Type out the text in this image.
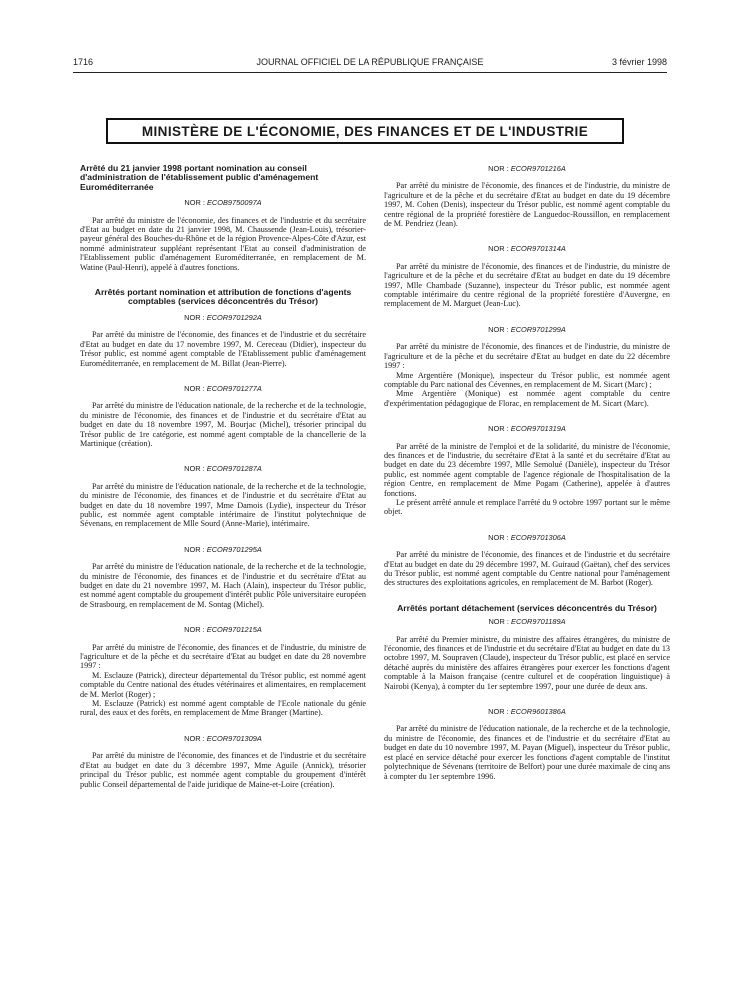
1716	JOURNAL OFFICIEL DE LA RÉPUBLIQUE FRANÇAISE	3 février 1998
MINISTÈRE DE L'ÉCONOMIE, DES FINANCES ET DE L'INDUSTRIE
Arrêté du 21 janvier 1998 portant nomination au conseil d'administration de l'établissement public d'aménagement Euroméditerranée
NOR : ECOB9750097A

Par arrêté du ministre de l'économie, des finances et de l'industrie et du secrétaire d'Etat au budget en date du 21 janvier 1998, M. Chaussende (Jean-Louis), trésorier-payeur général des Bouches-du-Rhône et de la région Provence-Alpes-Côte d'Azur, est nommé administrateur suppléant représentant l'Etat au conseil d'administration de l'Etablissement public d'aménagement Euroméditerranée, en remplacement de M. Watine (Paul-Henri), appelé à d'autres fonctions.

Arrêtés portant nomination et attribution de fonctions d'agents comptables (services déconcentrés du Trésor)
NOR : ECOR9701292A

Par arrêté du ministre de l'économie, des finances et de l'industrie et du secrétaire d'Etat au budget en date du 17 novembre 1997, M. Cereceau (Didier), inspecteur du Trésor public, est nommé agent comptable de l'Etablissement public d'aménagement Euroméditerranée, en remplacement de M. Billat (Jean-Pierre).

NOR : ECOR9701277A

Par arrêté du ministre de l'éducation nationale, de la recherche et de la technologie, du ministre de l'économie, des finances et de l'industrie et du secrétaire d'Etat au budget en date du 18 novembre 1997, M. Bourjac (Michel), trésorier principal du Trésor public de 1re catégorie, est nommé agent comptable de la chancellerie de la Martinique (création).

NOR : ECOR9701287A

Par arrêté du ministre de l'éducation nationale, de la recherche et de la technologie, du ministre de l'économie, des finances et de l'industrie et du secrétaire d'Etat au budget en date du 18 novembre 1997, Mme Damois (Lydie), inspecteur du Trésor public, est nommée agent comptable intérimaire de l'institut polytechnique de Sévenans, en remplacement de Mlle Sourd (Anne-Marie), intérimaire.

NOR : ECOR9701295A

Par arrêté du ministre de l'éducation nationale, de la recherche et de la technologie, du ministre de l'économie, des finances et de l'industrie et du secrétaire d'Etat au budget en date du 21 novembre 1997, M. Hach (Alain), inspecteur du Trésor public, est nommé agent comptable du groupement d'intérêt public Pôle universitaire européen de Strasbourg, en remplacement de M. Sontag (Michel).

NOR : ECOR9701215A

Par arrêté du ministre de l'économie, des finances et de l'industrie, du ministre de l'agriculture et de la pêche et du secrétaire d'Etat au budget en date du 28 novembre 1997 :

M. Esclauze (Patrick), directeur départemental du Trésor public, est nommé agent comptable du Centre national des études vétérinaires et alimentaires, en remplacement de M. Merlot (Roger) ;

M. Esclauze (Patrick) est nommé agent comptable de l'Ecole nationale du génie rural, des eaux et des forêts, en remplacement de Mme Branger (Martine).

NOR : ECOR9701309A

Par arrêté du ministre de l'économie, des finances et de l'industrie et du secrétaire d'Etat au budget en date du 3 décembre 1997, Mme Aguile (Annick), trésorier principal du Trésor public, est nommée agent comptable du groupement d'intérêt public Conseil départemental de l'aide juridique de Maine-et-Loire (création).

NOR : ECOR9701216A

Par arrêté du ministre de l'économie, des finances et de l'industrie, du ministre de l'agriculture et de la pêche et du secrétaire d'Etat au budget en date du 19 décembre 1997, M. Cohen (Denis), inspecteur du Trésor public, est nommé agent comptable du centre régional de la propriété forestière de Languedoc-Roussillon, en remplacement de M. Pendriez (Jean).

NOR : ECOR9701314A

Par arrêté du ministre de l'économie, des finances et de l'industrie, du ministre de l'agriculture et de la pêche et du secrétaire d'Etat au budget en date du 19 décembre 1997, Mlle Chambade (Suzanne), inspecteur du Trésor public, est nommée agent comptable intérimaire du centre régional de la propriété forestière d'Auvergne, en remplacement de M. Marguet (Jean-Luc).

NOR : ECOR9701299A

Par arrêté du ministre de l'économie, des finances et de l'industrie, du ministre de l'agriculture et de la pêche et du secrétaire d'Etat au budget en date du 22 décembre 1997 :

Mme Argentière (Monique), inspecteur du Trésor public, est nommée agent comptable du Parc national des Cévennes, en remplacement de M. Sicart (Marc) ;

Mme Argentière (Monique) est nommée agent comptable du centre d'expérimentation pédagogique de Florac, en remplacement de M. Sicart (Marc).

NOR : ECOR9701319A

Par arrêté de la ministre de l'emploi et de la solidarité, du ministre de l'économie, des finances et de l'industrie, du secrétaire d'Etat à la santé et du secrétaire d'Etat au budget en date du 23 décembre 1997, Mlle Semolué (Danièle), inspecteur du Trésor public, est nommée agent comptable de l'agence régionale de l'hospitalisation de la région Centre, en remplacement de Mme Pogam (Catherine), appelée à d'autres fonctions.

Le présent arrêté annule et remplace l'arrêté du 9 octobre 1997 portant sur le même objet.

NOR : ECOR9701306A

Par arrêté du ministre de l'économie, des finances et de l'industrie et du secrétaire d'Etat au budget en date du 29 décembre 1997, M. Guiraud (Gaëtan), chef des services du Trésor public, est nommé agent comptable du Centre national pour l'aménagement des structures des exploitations agricoles, en remplacement de M. Barbot (Roger).

Arrêtés portant détachement (services déconcentrés du Trésor)
NOR : ECOR9701189A

Par arrêté du Premier ministre, du ministre des affaires étrangères, du ministre de l'économie, des finances et de l'industrie et du secrétaire d'Etat au budget en date du 13 octobre 1997, M. Soupraven (Claude), inspecteur du Trésor public, est placé en service détaché auprès du ministère des affaires étrangères pour exercer les fonctions d'agent comptable à la Maison française (centre culturel et de coopération linguistique) à Nairobi (Kenya), à compter du 1er septembre 1997, pour une durée de deux ans.

NOR : ECOR9601386A

Par arrêté du ministre de l'éducation nationale, de la recherche et de la technologie, du ministre de l'économie, des finances et de l'industrie et du secrétaire d'Etat au budget en date du 10 novembre 1997, M. Payan (Miguel), inspecteur du Trésor public, est placé en service détaché pour exercer les fonctions d'agent comptable de l'institut polytechnique de Sévenans (territoire de Belfort) pour une durée maximale de cinq ans à compter du 1er septembre 1996.
